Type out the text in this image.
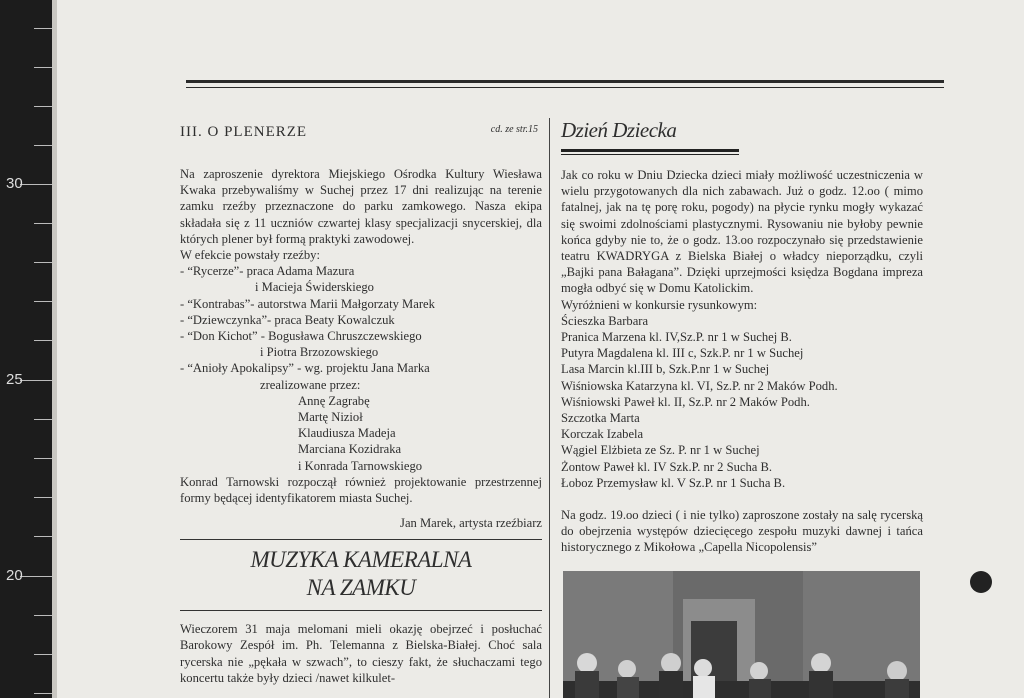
30
25
20
III. O PLENERZE	cd. ze str.15

Na zaproszenie dyrektora Miejskiego Ośrodka Kultury Wiesława Kwaka przebywaliśmy w Suchej przez 17 dni realizując na terenie zamku rzeźby przeznaczone do parku zamkowego. Nasza ekipa składała się z 11 uczniów czwartej klasy specjalizacji snycerskiej, dla których plener był formą praktyki zawodowej.

W efekcie powstały rzeźby:
- “Rycerze”- praca Adama Mazura
i Macieja Świderskiego
- “Kontrabas”- autorstwa Marii Małgorzaty Marek
- “Dziewczynka”- praca Beaty Kowalczuk
- “Don Kichot” - Bogusława Chruszczewskiego
i Piotra Brzozowskiego
- “Anioły Apokalipsy” - wg. projektu Jana Marka
zrealizowane przez:
Annę Zagrabę
Martę Nizioł
Klaudiusza Madeja
Marciana Kozidraka
i Konrada Tarnowskiego

Konrad Tarnowski rozpoczął również projektowanie przestrzennej formy będącej identyfikatorem miasta Suchej.

Jan Marek, artysta rzeźbiarz
MUZYKA KAMERALNA
NA ZAMKU

Wieczorem 31 maja melomani mieli okazję obejrzeć i posłuchać Barokowy Zespół im. Ph. Telemanna z Bielska-Białej. Choć sala rycerska nie „pękała w szwach”, to cieszy fakt, że słuchaczami tego koncertu także były dzieci /nawet kilkulet-

Dzień Dziecka

Jak co roku w Dniu Dziecka dzieci miały możliwość uczestniczenia w wielu przygotowanych dla nich zabawach. Już o godz. 12.oo ( mimo fatalnej, jak na tę porę roku, pogody) na płycie rynku mogły wykazać się swoimi zdolnościami plastycznymi. Rysowaniu nie byłoby pewnie końca gdyby nie to, że o godz. 13.oo rozpoczynało się przedstawienie teatru KWADRYGA z Bielska Białej o władcy nieporządku, czyli „Bajki pana Bałagana”. Dzięki uprzejmości księdza Bogdana impreza mogła odbyć się w Domu Katolickim.

Wyróżnieni w konkursie rysunkowym:
Ścieszka Barbara
Pranica Marzena kl. IV,Sz.P. nr 1 w Suchej B.
Putyra Magdalena kl. III c, Szk.P. nr 1 w Suchej
Lasa Marcin kl.III b, Szk.P.nr 1 w Suchej
Wiśniowska Katarzyna kl. VI, Sz.P. nr 2 Maków Podh.
Wiśniowski Paweł kl. II, Sz.P. nr 2 Maków Podh.
Szczotka Marta
Korczak Izabela
Wągiel Elżbieta ze Sz. P. nr 1 w Suchej
Żontow Paweł kl. IV Szk.P. nr 2 Sucha B.
Łoboz Przemysław kl. V Sz.P. nr 1 Sucha B.

Na godz. 19.oo dzieci ( i nie tylko) zaproszone zostały na salę rycerską do obejrzenia występów dziecięcego zespołu muzyki dawnej i tańca historycznego z Mikołowa „Capella Nicopolensis”
